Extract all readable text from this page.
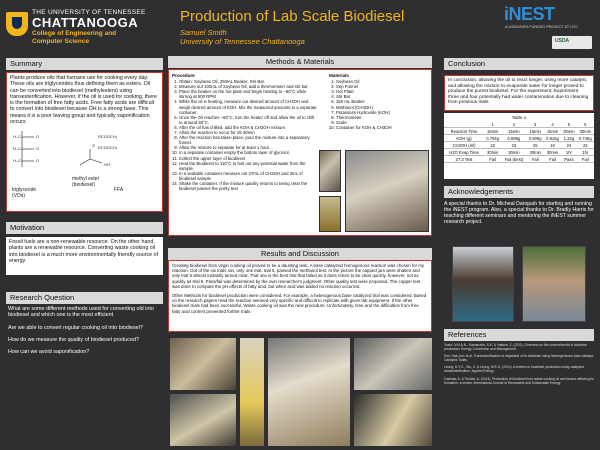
THE UNIVERSITY OF TENNESSEE
CHATTANOOGA
College of Engineering and Computer Science
Production of Lab Scale Biodiesel
Samuel Smith
University of Tennessee Chattanooga
iNEST
A USDA/NIFA FUNDED PROJECT AT UTC
USDA
Summary
Plants produce oils that humans use for cooking every day. These oils are triglycerides thus defining them as esters. Oil can be converted into biodiesel (methylesters) using transesterification. However, if the oil is used for cooking, there is the formation of free fatty acids. Free fatty acids are difficult to convert into biodiesel because OH is a strong base. This means it is a poor leaving group and typically saponification occurs
H–C–
H–C–
H–C–
O
O
O
RCOOCH₃
RCOOCH₃
O
OH
triglyceride
(VOs)
methyl ester
(biodiesel)
FFA
Motivation
Fossil fuels are a non-renewable resource. On the other hand, plants are a renewable resource. Converting waste cooking oil into biodiesel is a much more environmentally friendly source of energy.
Research Question

What are some different methods used for converting old into biodiesel and which one is the most efficient

Are we able to convert regular cooking oil into biodiesel?

How do we measure the quality of biodiesel produced?

How can we avoid saponification?

Methods & Materials
Procedure
1. Obtain: Soybean Oil, 250mL Beaker, Stir Bar.
2. Measure out 100mL of Soybean Oil, add a thermometer and stir bar
3. Place the beaker on the hot plate and begin heating to ~60°C while stirring at 500 RPM
4. While the oil is heating, measure out desired amount of CH3OH and weigh desired amount of KOH. Mix the measured amounts in a separate container.
5. Once the Oil reaches ~60°C, turn the heater off and allow the oil to chill to around 50°C.
6. After the oil has chilled, add the KOH & CH3OH mixture.
7. Allow the reaction to occur for 15-30min
8. After the reaction has taken place, pour the mixture into a separatory funnel.
9. Allow the mixture to separate for at least 1 hour.
10. In a separate container empty the bottom layer of glycerol.
11. Collect the upper layer of biodiesel
12. Heat the Biodiesel to 110°C to boil out any potential water from the sample
13. In a sealable container measure out 27mL of CH3OH and 3mL of biodiesel sample
14. Shake the container. If the mixture quickly returns to being clear the biodiesel passes the purity test
Materials
1. Soybean Oil
2. Sep Funnel
3. Hot Plate
4. Stir Bar
5. 250 mL Beaker
6. Methanol (CH3OH)
7. Potassium Hydroxide (KOH)
8. Thermometer
9. Scale
10. Container for KOH & CH3OH
Results and Discussion

Creating biodiesel from virgin cooking oil proved to be a daunting task. A base catalyzed homogenous reaction was chosen for my reaction. Out of the six trials ran, only one trial, trial 5, passed the methanol test. In the picture the capped jars were shaken and only trial 5 almost instantly turned clear. Trial one is the best trial that failed as it does return to be clear quickly, however, not as quickly as trial 5. Pass/fail was determined by the own researcher's judgment. Other quality test were proposed. The copper test was done to compare the pH effects of fatty acid, but when acid was added no reaction occurred.

Other Methods for biodiesel production were considered. For example, a heterogenous base catalyzed trial was considered. Based on the research papers read the reaction seemed very specific and difficult to replicate with given lab equipment. If the other biodiesel trials had been successful, Waste cooking oil was the next procedure. Unfortunately, time and the difficulties from free fatty acid content prevented further trials.

Conclusion
In conclusion, allowing the oil to react longer, using more catalyst, and allowing the mixture to evaporate water for longer proved to produce the purest biodiesel. For the experiment, Experiment three and four potentially had water contamination due to cleaning from previous trials
Table 1
	1	2	3	4	5	6
Reaction Time	15min	15min	15min	15min	30min	30min
KOH (g)	0.794g	0.889g	0.809g	0.816g	1.32g	0.746g
CH3OH (ml)	22	23	25	18	24	22
H2O Evap Time	30min	30min	30min	30min	1hr	1hr
27:3 Test	Fail	Fail (best)	Fail	Fail	Pass	Fail
Acknowledgements
A special thanks to Dr. Micheal Danquah for starting and running the iNEST program. Also, a special thanks to Dr. Bradly Harris for teaching different seminars and mentoring the iNEST summer research project.
References

Yusuf, N.N.A.N., Kamarudin, S.K. & Yaakub, Z. (2011). Overview on the current trends in biodiesel production. Energy Conversion and Management.

Kim, Hak-Joo; et al. Transesterification of vegetable oil to biodiesel using heterogeneous base catalyst. Catalysis Today.

Leung, D.Y.C., Wu, X. & Leung, M.K.H. (2010). A review on biodiesel production using catalyzed transesterification. Applied Energy.

Gashaw, A. & Teshita, A. (2014). Production of biodiesel from waste cooking oil and factors affecting its formation: a review. International Journal of Renewable and Sustainable Energy.
